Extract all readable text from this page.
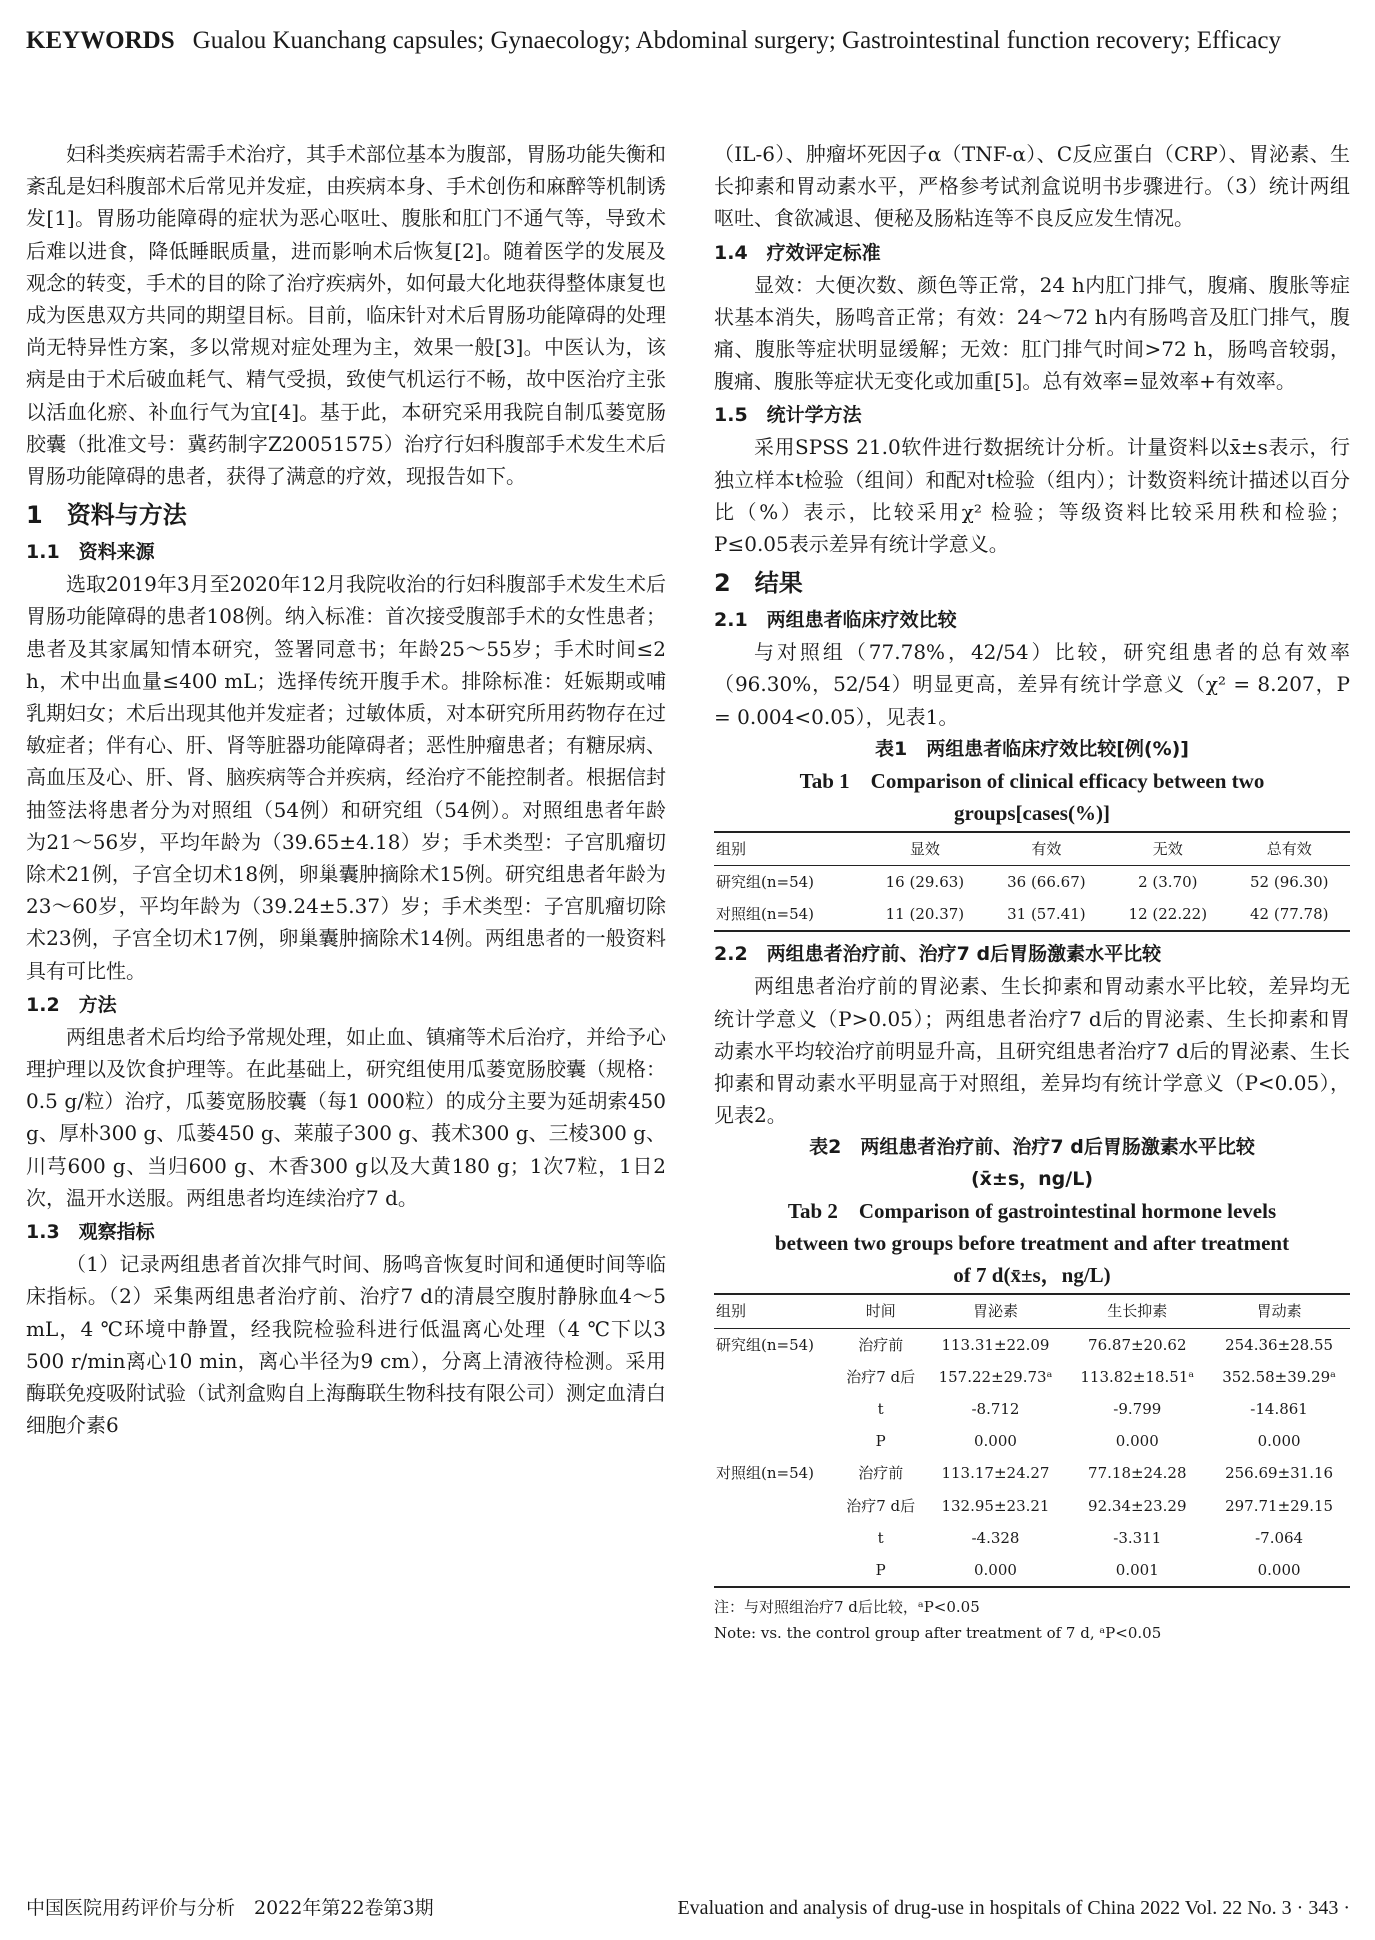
KEYWORDS Gualou Kuanchang capsules; Gynaecology; Abdominal surgery; Gastrointestinal function recovery; Efficacy

妇科类疾病若需手术治疗，其手术部位基本为腹部，胃肠功能失衡和紊乱是妇科腹部术后常见并发症，由疾病本身、手术创伤和麻醉等机制诱发[1]。胃肠功能障碍的症状为恶心呕吐、腹胀和肛门不通气等，导致术后难以进食，降低睡眠质量，进而影响术后恢复[2]。随着医学的发展及观念的转变，手术的目的除了治疗疾病外，如何最大化地获得整体康复也成为医患双方共同的期望目标。目前，临床针对术后胃肠功能障碍的处理尚无特异性方案，多以常规对症处理为主，效果一般[3]。中医认为，该病是由于术后破血耗气、精气受损，致使气机运行不畅，故中医治疗主张以活血化瘀、补血行气为宜[4]。基于此，本研究采用我院自制瓜蒌宽肠胶囊（批准文号：冀药制字Z20051575）治疗行妇科腹部手术发生术后胃肠功能障碍的患者，获得了满意的疗效，现报告如下。

1　资料与方法
1.1　资料来源

选取2019年3月至2020年12月我院收治的行妇科腹部手术发生术后胃肠功能障碍的患者108例。纳入标准：首次接受腹部手术的女性患者；患者及其家属知情本研究，签署同意书；年龄25～55岁；手术时间≤2 h，术中出血量≤400 mL；选择传统开腹手术。排除标准：妊娠期或哺乳期妇女；术后出现其他并发症者；过敏体质，对本研究所用药物存在过敏症者；伴有心、肝、肾等脏器功能障碍者；恶性肿瘤患者；有糖尿病、高血压及心、肝、肾、脑疾病等合并疾病，经治疗不能控制者。根据信封抽签法将患者分为对照组（54例）和研究组（54例）。对照组患者年龄为21～56岁，平均年龄为（39.65±4.18）岁；手术类型：子宫肌瘤切除术21例，子宫全切术18例，卵巢囊肿摘除术15例。研究组患者年龄为23～60岁，平均年龄为（39.24±5.37）岁；手术类型：子宫肌瘤切除术23例，子宫全切术17例，卵巢囊肿摘除术14例。两组患者的一般资料具有可比性。

1.2　方法

两组患者术后均给予常规处理，如止血、镇痛等术后治疗，并给予心理护理以及饮食护理等。在此基础上，研究组使用瓜蒌宽肠胶囊（规格：0.5 g/粒）治疗，瓜蒌宽肠胶囊（每1 000粒）的成分主要为延胡索450 g、厚朴300 g、瓜蒌450 g、莱菔子300 g、莪术300 g、三棱300 g、川芎600 g、当归600 g、木香300 g以及大黄180 g；1次7粒，1日2次，温开水送服。两组患者均连续治疗7 d。

1.3　观察指标

（1）记录两组患者首次排气时间、肠鸣音恢复时间和通便时间等临床指标。（2）采集两组患者治疗前、治疗7 d的清晨空腹肘静脉血4～5 mL，4 ℃环境中静置，经我院检验科进行低温离心处理（4 ℃下以3 500 r/min离心10 min，离心半径为9 cm），分离上清液待检测。采用酶联免疫吸附试验（试剂盒购自上海酶联生物科技有限公司）测定血清白细胞介素6

（IL-6）、肿瘤坏死因子α（TNF-α）、C反应蛋白（CRP）、胃泌素、生长抑素和胃动素水平，严格参考试剂盒说明书步骤进行。（3）统计两组呕吐、食欲减退、便秘及肠粘连等不良反应发生情况。

1.4　疗效评定标准

显效：大便次数、颜色等正常，24 h内肛门排气，腹痛、腹胀等症状基本消失，肠鸣音正常；有效：24～72 h内有肠鸣音及肛门排气，腹痛、腹胀等症状明显缓解；无效：肛门排气时间>72 h，肠鸣音较弱，腹痛、腹胀等症状无变化或加重[5]。总有效率=显效率+有效率。

1.5　统计学方法

采用SPSS 21.0软件进行数据统计分析。计量资料以x̄±s表示，行独立样本t检验（组间）和配对t检验（组内）；计数资料统计描述以百分比（%）表示，比较采用χ² 检验；等级资料比较采用秩和检验；P≤0.05表示差异有统计学意义。

2　结果
2.1　两组患者临床疗效比较

与对照组（77.78%，42/54）比较，研究组患者的总有效率（96.30%，52/54）明显更高，差异有统计学意义（χ² = 8.207，P = 0.004<0.05），见表1。

表1　两组患者临床疗效比较[例(%)]

Tab 1　Comparison of clinical efficacy between two

groups[cases(%)]

组别	显效	有效	无效	总有效
研究组(n=54)	16 (29.63)	36 (66.67)	2 (3.70)	52 (96.30)
对照组(n=54)	11 (20.37)	31 (57.41)	12 (22.22)	42 (77.78)
2.2　两组患者治疗前、治疗7 d后胃肠激素水平比较

两组患者治疗前的胃泌素、生长抑素和胃动素水平比较，差异均无统计学意义（P>0.05）；两组患者治疗7 d后的胃泌素、生长抑素和胃动素水平均较治疗前明显升高，且研究组患者治疗7 d后的胃泌素、生长抑素和胃动素水平明显高于对照组，差异均有统计学意义（P<0.05），见表2。

表2　两组患者治疗前、治疗7 d后胃肠激素水平比较

(x̄±s，ng/L)

Tab 2　Comparison of gastrointestinal hormone levels

between two groups before treatment and after treatment

of 7 d(x̄±s，ng/L)

组别	时间	胃泌素	生长抑素	胃动素
研究组(n=54)	治疗前	113.31±22.09	76.87±20.62	254.36±28.55
	治疗7 d后	157.22±29.73ᵃ	113.82±18.51ᵃ	352.58±39.29ᵃ
	t	-8.712	-9.799	-14.861
	P	0.000	0.000	0.000
对照组(n=54)	治疗前	113.17±24.27	77.18±24.28	256.69±31.16
	治疗7 d后	132.95±23.21	92.34±23.29	297.71±29.15
	t	-4.328	-3.311	-7.064
	P	0.000	0.001	0.000

注：与对照组治疗7 d后比较，ᵃP<0.05

Note: vs. the control group after treatment of 7 d, ᵃP<0.05

中国医院用药评价与分析　2022年第22卷第3期	Evaluation and analysis of drug-use in hospitals of China 2022 Vol. 22 No. 3 · 343 ·
